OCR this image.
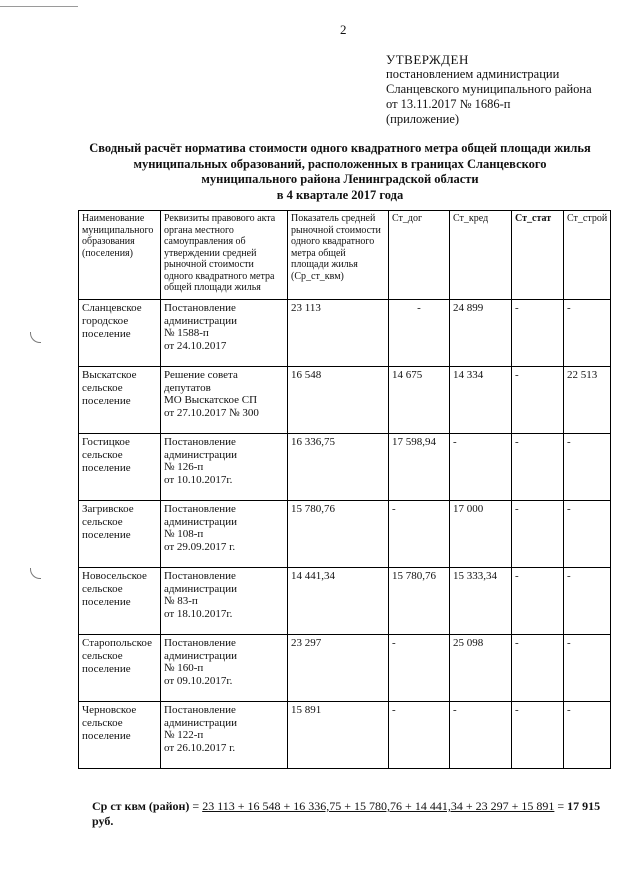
2
УТВЕРЖДЕН
постановлением администрации
Сланцевского муниципального района
от 13.11.2017 № 1686-п
(приложение)
Сводный расчёт норматива стоимости одного квадратного метра общей площади жилья
муниципальных образований, расположенных в границах Сланцевского
муниципального района Ленинградской области
в 4 квартале 2017 года
Наименование муниципального образования (поселения)	Реквизиты правового акта органа местного самоуправления об утверждении средней рыночной стоимости одного квадратного метра общей площади жилья	Показатель средней рыночной стоимости одного квадратного метра общей площади жилья (Ср_ст_квм)	Ст_дог	Ст_кред	Ст_стат	Ст_строй
Сланцевское городское поселение	Постановление
администрации
№ 1588-п
от 24.10.2017	23 113	-	24 899	-	-
Выскатское сельское поселение	Решение совета
депутатов
МО Выскатское СП
от 27.10.2017 № 300	16 548	14 675	14 334	-	22 513
Гостицкое сельское поселение	Постановление
администрации
№ 126-п
от 10.10.2017г.	16 336,75	17 598,94	-	-	-
Загривское сельское поселение	Постановление
администрации
№ 108-п
от 29.09.2017 г.	15 780,76	-	17 000	-	-
Новосельское сельское поселение	Постановление
администрации
№ 83-п
от 18.10.2017г.	14 441,34	15 780,76	15 333,34	-	-
Старопольское сельское поселение	Постановление
администрации
№ 160-п
от 09.10.2017г.	23 297	-	25 098	-	-
Черновское сельское поселение	Постановление
администрации
№ 122-п
от 26.10.2017 г.	15 891	-	-	-	-
Ср ст квм (район) = 23 113 + 16 548 + 16 336,75 + 15 780,76 + 14 441,34 + 23 297 + 15 891 = 17 915
руб.
